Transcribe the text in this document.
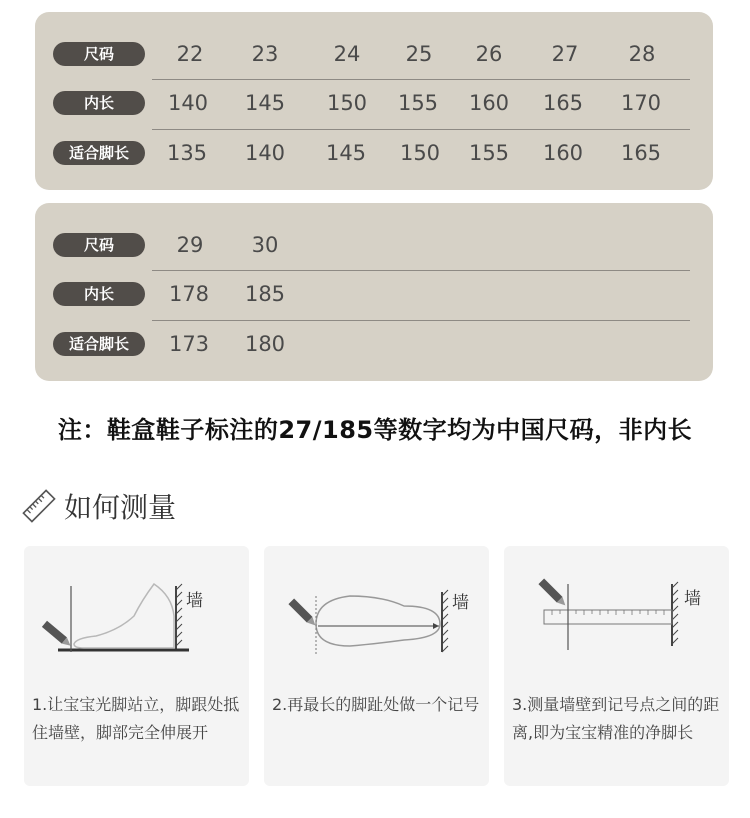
尺码	22	23	24	25	26	27	28
内长	140	145	150	155	160	165	170
适合脚长	135	140	145	150	155	160	165
尺码	29	30
内长	178	185
适合脚长	173	180
注：鞋盒鞋子标注的27/185等数字均为中国尺码，非内长
如何测量
墙
1.让宝宝光脚站立，脚跟处抵住墙壁，脚部完全伸展开
墙
2.再最长的脚趾处做一个记号
墙
3.测量墙壁到记号点之间的距离,即为宝宝精准的净脚长
